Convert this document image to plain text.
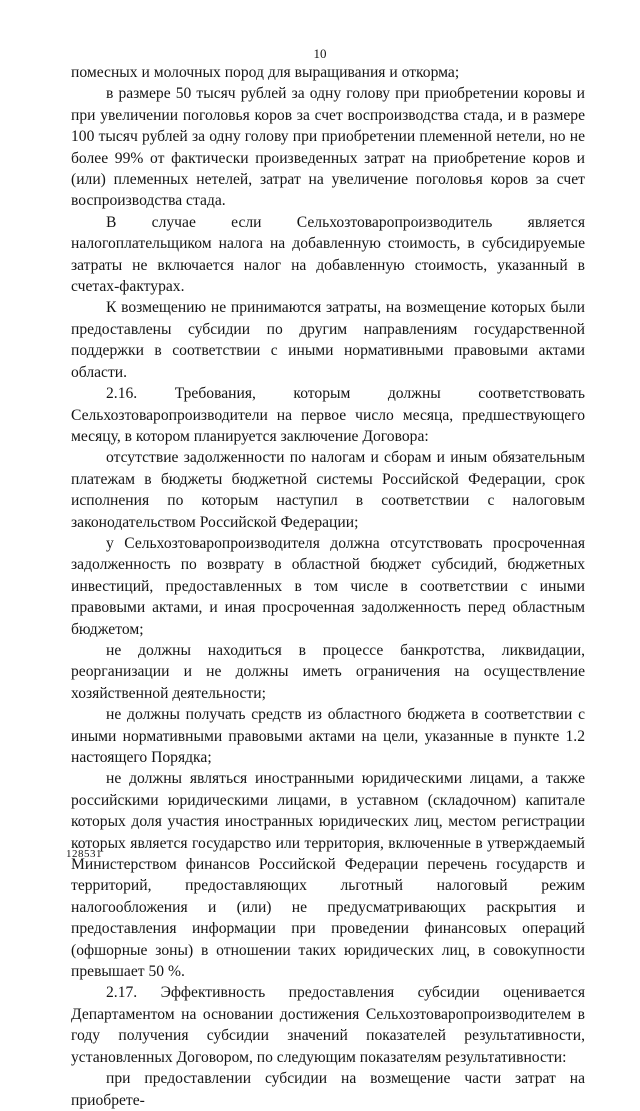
10

помесных и молочных пород для выращивания и откорма;

в размере 50 тысяч рублей за одну голову при приобретении коровы и при увеличении поголовья коров за счет воспроизводства стада, и в размере 100 тысяч рублей за одну голову при приобретении племенной нетели, но не более 99% от фактически произведенных затрат на приобретение коров и (или) племенных нетелей, затрат на увеличение поголовья коров за счет воспроизводства стада.

В случае если Сельхозтоваропроизводитель является налогоплательщиком налога на добавленную стоимость, в субсидируемые затраты не включается налог на добавленную стоимость, указанный в счетах-фактурах.

К возмещению не принимаются затраты, на возмещение которых были предоставлены субсидии по другим направлениям государственной поддержки в соответствии с иными нормативными правовыми актами области.

2.16. Требования, которым должны соответствовать Сельхозтоваропроизводители на первое число месяца, предшествующего месяцу, в котором планируется заключение Договора:

отсутствие задолженности по налогам и сборам и иным обязательным платежам в бюджеты бюджетной системы Российской Федерации, срок исполнения по которым наступил в соответствии с налоговым законодательством Российской Федерации;

у Сельхозтоваропроизводителя должна отсутствовать просроченная задолженность по возврату в областной бюджет субсидий, бюджетных инвестиций, предоставленных в том числе в соответствии с иными правовыми актами, и иная просроченная задолженность перед областным бюджетом;

не должны находиться в процессе банкротства, ликвидации, реорганизации и не должны иметь ограничения на осуществление хозяйственной деятельности;

не должны получать средств из областного бюджета в соответствии с иными нормативными правовыми актами на цели, указанные в пункте 1.2 настоящего Порядка;

не должны являться иностранными юридическими лицами, а также российскими юридическими лицами, в уставном (складочном) капитале которых доля участия иностранных юридических лиц, местом регистрации которых является государство или территория, включенные в утверждаемый Министерством финансов Российской Федерации перечень государств и территорий, предоставляющих льготный налоговый режим налогообложения и (или) не предусматривающих раскрытия и предоставления информации при проведении финансовых операций (офшорные зоны) в отношении таких юридических лиц, в совокупности превышает 50 %.

2.17. Эффективность предоставления субсидии оценивается Департаментом на основании достижения Сельхозтоваропроизводителем в году получения субсидии значений показателей результативности, установленных Договором, по следующим показателям результативности:

при предоставлении субсидии на возмещение части затрат на приобрете-

128531
